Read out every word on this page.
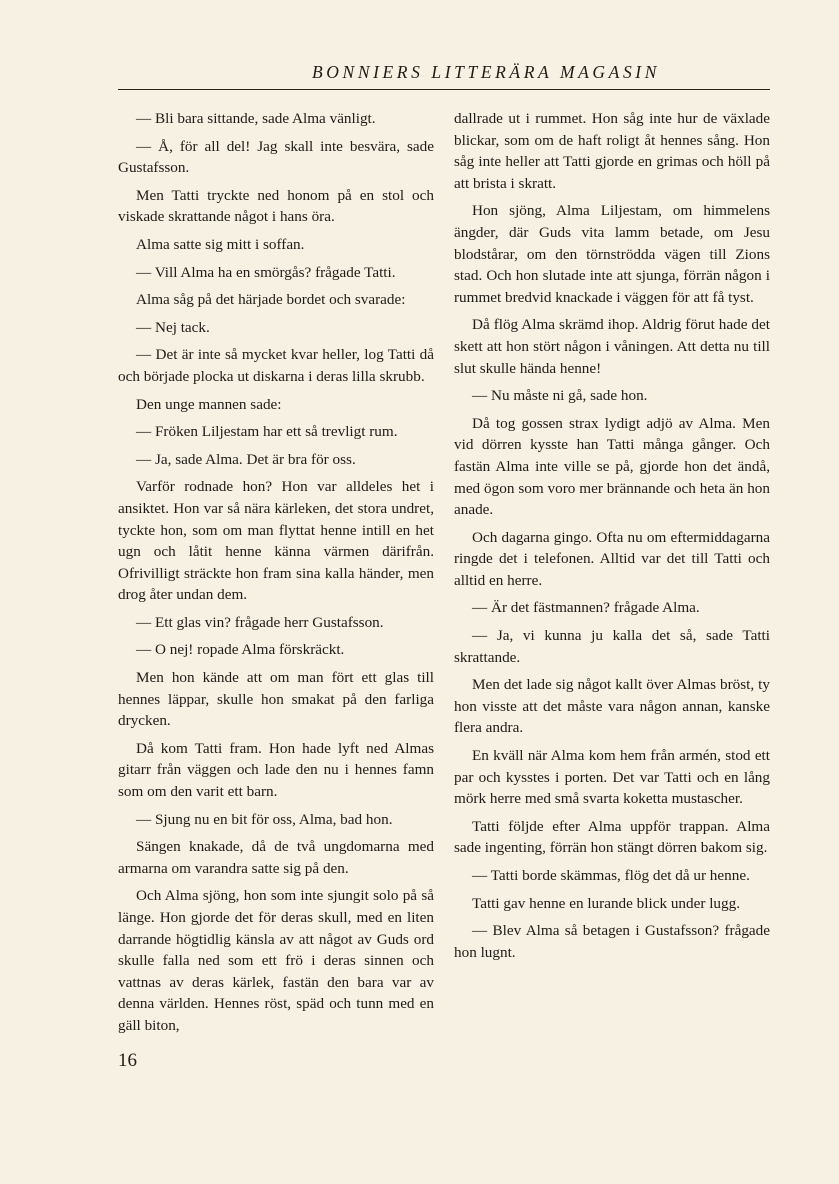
BONNIERS LITTERÄRA MAGASIN

— Bli bara sittande, sade Alma vänligt.

— Å, för all del! Jag skall inte besvära, sade Gustafsson.

Men Tatti tryckte ned honom på en stol och viskade skrattande något i hans öra.

Alma satte sig mitt i soffan.

— Vill Alma ha en smörgås? frågade Tatti.

Alma såg på det härjade bordet och svarade:

— Nej tack.

— Det är inte så mycket kvar heller, log Tatti då och började plocka ut diskarna i deras lilla skrubb.

Den unge mannen sade:

— Fröken Liljestam har ett så trevligt rum.

— Ja, sade Alma. Det är bra för oss.

Varför rodnade hon? Hon var alldeles het i ansiktet. Hon var så nära kärleken, det stora undret, tyckte hon, som om man flyttat henne intill en het ugn och låtit henne känna värmen därifrån. Ofrivilligt sträckte hon fram sina kalla händer, men drog åter undan dem.

— Ett glas vin? frågade herr Gustafsson.

— O nej! ropade Alma förskräckt.

Men hon kände att om man fört ett glas till hennes läppar, skulle hon smakat på den farliga drycken.

Då kom Tatti fram. Hon hade lyft ned Almas gitarr från väggen och lade den nu i hennes famn som om den varit ett barn.

— Sjung nu en bit för oss, Alma, bad hon.

Sängen knakade, då de två ungdomarna med armarna om varandra satte sig på den.

Och Alma sjöng, hon som inte sjungit solo på så länge. Hon gjorde det för deras skull, med en liten darrande högtidlig känsla av att något av Guds ord skulle falla ned som ett frö i deras sinnen och vattnas av deras kärlek, fastän den bara var av denna världen. Hennes röst, späd och tunn med en gäll biton,

dallrade ut i rummet. Hon såg inte hur de växlade blickar, som om de haft roligt åt hennes sång. Hon såg inte heller att Tatti gjorde en grimas och höll på att brista i skratt.

Hon sjöng, Alma Liljestam, om himmelens ängder, där Guds vita lamm betade, om Jesu blodstårar, om den törnströdda vägen till Zions stad. Och hon slutade inte att sjunga, förrän någon i rummet bredvid knackade i väggen för att få tyst.

Då flög Alma skrämd ihop. Aldrig förut hade det skett att hon stört någon i våningen. Att detta nu till slut skulle hända henne!

— Nu måste ni gå, sade hon.

Då tog gossen strax lydigt adjö av Alma. Men vid dörren kysste han Tatti många gånger. Och fastän Alma inte ville se på, gjorde hon det ändå, med ögon som voro mer brännande och heta än hon anade.

Och dagarna gingo. Ofta nu om eftermiddagarna ringde det i telefonen. Alltid var det till Tatti och alltid en herre.

— Är det fästmannen? frågade Alma.

— Ja, vi kunna ju kalla det så, sade Tatti skrattande.

Men det lade sig något kallt över Almas bröst, ty hon visste att det måste vara någon annan, kanske flera andra.

En kväll när Alma kom hem från armén, stod ett par och kysstes i porten. Det var Tatti och en lång mörk herre med små svarta koketta mustascher.

Tatti följde efter Alma uppför trappan. Alma sade ingenting, förrän hon stängt dörren bakom sig.

— Tatti borde skämmas, flög det då ur henne.

Tatti gav henne en lurande blick under lugg.

— Blev Alma så betagen i Gustafsson? frågade hon lugnt.

16
